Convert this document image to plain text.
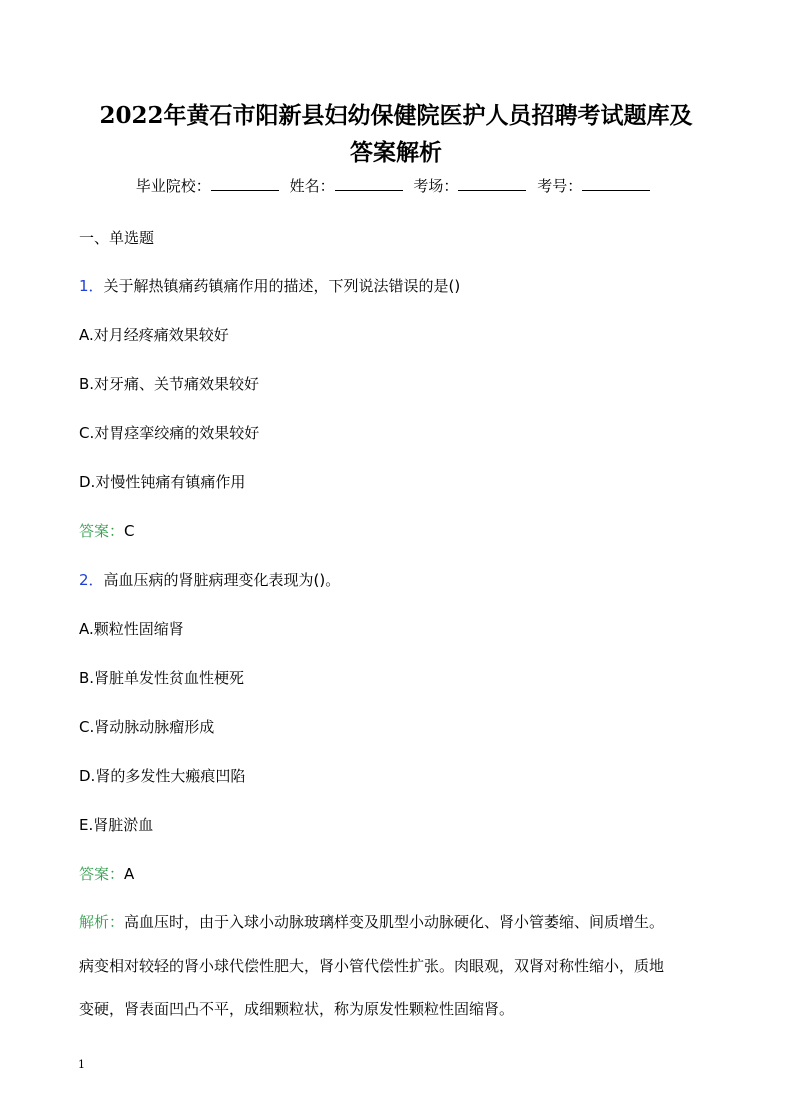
2022年黄石市阳新县妇幼保健院医护人员招聘考试题库及
答案解析
毕业院校：	姓名：	考场：	考号：
一、单选题
1．关于解热镇痛药镇痛作用的描述，下列说法错误的是()
A.对月经疼痛效果较好
B.对牙痛、关节痛效果较好
C.对胃痉挛绞痛的效果较好
D.对慢性钝痛有镇痛作用
答案：C
2．高血压病的肾脏病理变化表现为()。
A.颗粒性固缩肾
B.肾脏单发性贫血性梗死
C.肾动脉动脉瘤形成
D.肾的多发性大瘢痕凹陷
E.肾脏淤血
答案：A
解析：高血压时，由于入球小动脉玻璃样变及肌型小动脉硬化、肾小管萎缩、间质增生。
病变相对较轻的肾小球代偿性肥大，肾小管代偿性扩张。肉眼观，双肾对称性缩小，质地
变硬，肾表面凹凸不平，成细颗粒状，称为原发性颗粒性固缩肾。
1
